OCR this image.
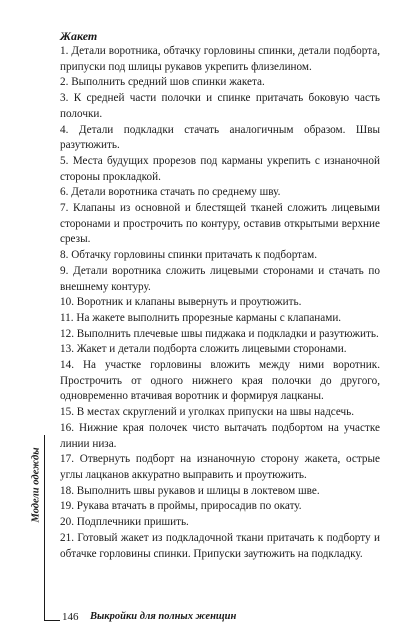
Жакет

1. Детали воротника, обтачку горловины спинки, детали подборта, припуски под шлицы рукавов укрепить флизелином.

2. Выполнить средний шов спинки жакета.

3. К средней части полочки и спинке притачать боковую часть полочки.

4. Детали подкладки стачать аналогичным образом. Швы разутюжить.

5. Места будущих прорезов под карманы укрепить с изнаночной стороны прокладкой.

6. Детали воротника стачать по среднему шву.

7. Клапаны из основной и блестящей тканей сложить лицевыми сторонами и прострочить по контуру, оставив открытыми верхние срезы.

8. Обтачку горловины спинки притачать к подбортам.

9. Детали воротника сложить лицевыми сторонами и стачать по внешнему контуру.

10. Воротник и клапаны вывернуть и проутюжить.

11. На жакете выполнить прорезные карманы с клапанами.

12. Выполнить плечевые швы пиджака и подкладки и разутюжить.

13. Жакет и детали подборта сложить лицевыми сторонами.

14. На участке горловины вложить между ними воротник. Прострочить от одного нижнего края полочки до другого, одновременно втачивая воротник и формируя лацканы.

15. В местах скруглений и уголках припуски на швы надсечь.

16. Нижние края полочек чисто вытачать подбортом на участке линии низа.

17. Отвернуть подборт на изнаночную сторону жакета, острые углы лацканов аккуратно выправить и проутюжить.

18. Выполнить швы рукавов и шлицы в локтевом шве.

19. Рукава втачать в проймы, приросадив по окату.

20. Подплечники пришить.

21. Готовый жакет из подкладочной ткани притачать к подборту и обтачке горловины спинки. Припуски заутюжить на подкладку.

Модели одежды
146 Выкройки для полных женщин
